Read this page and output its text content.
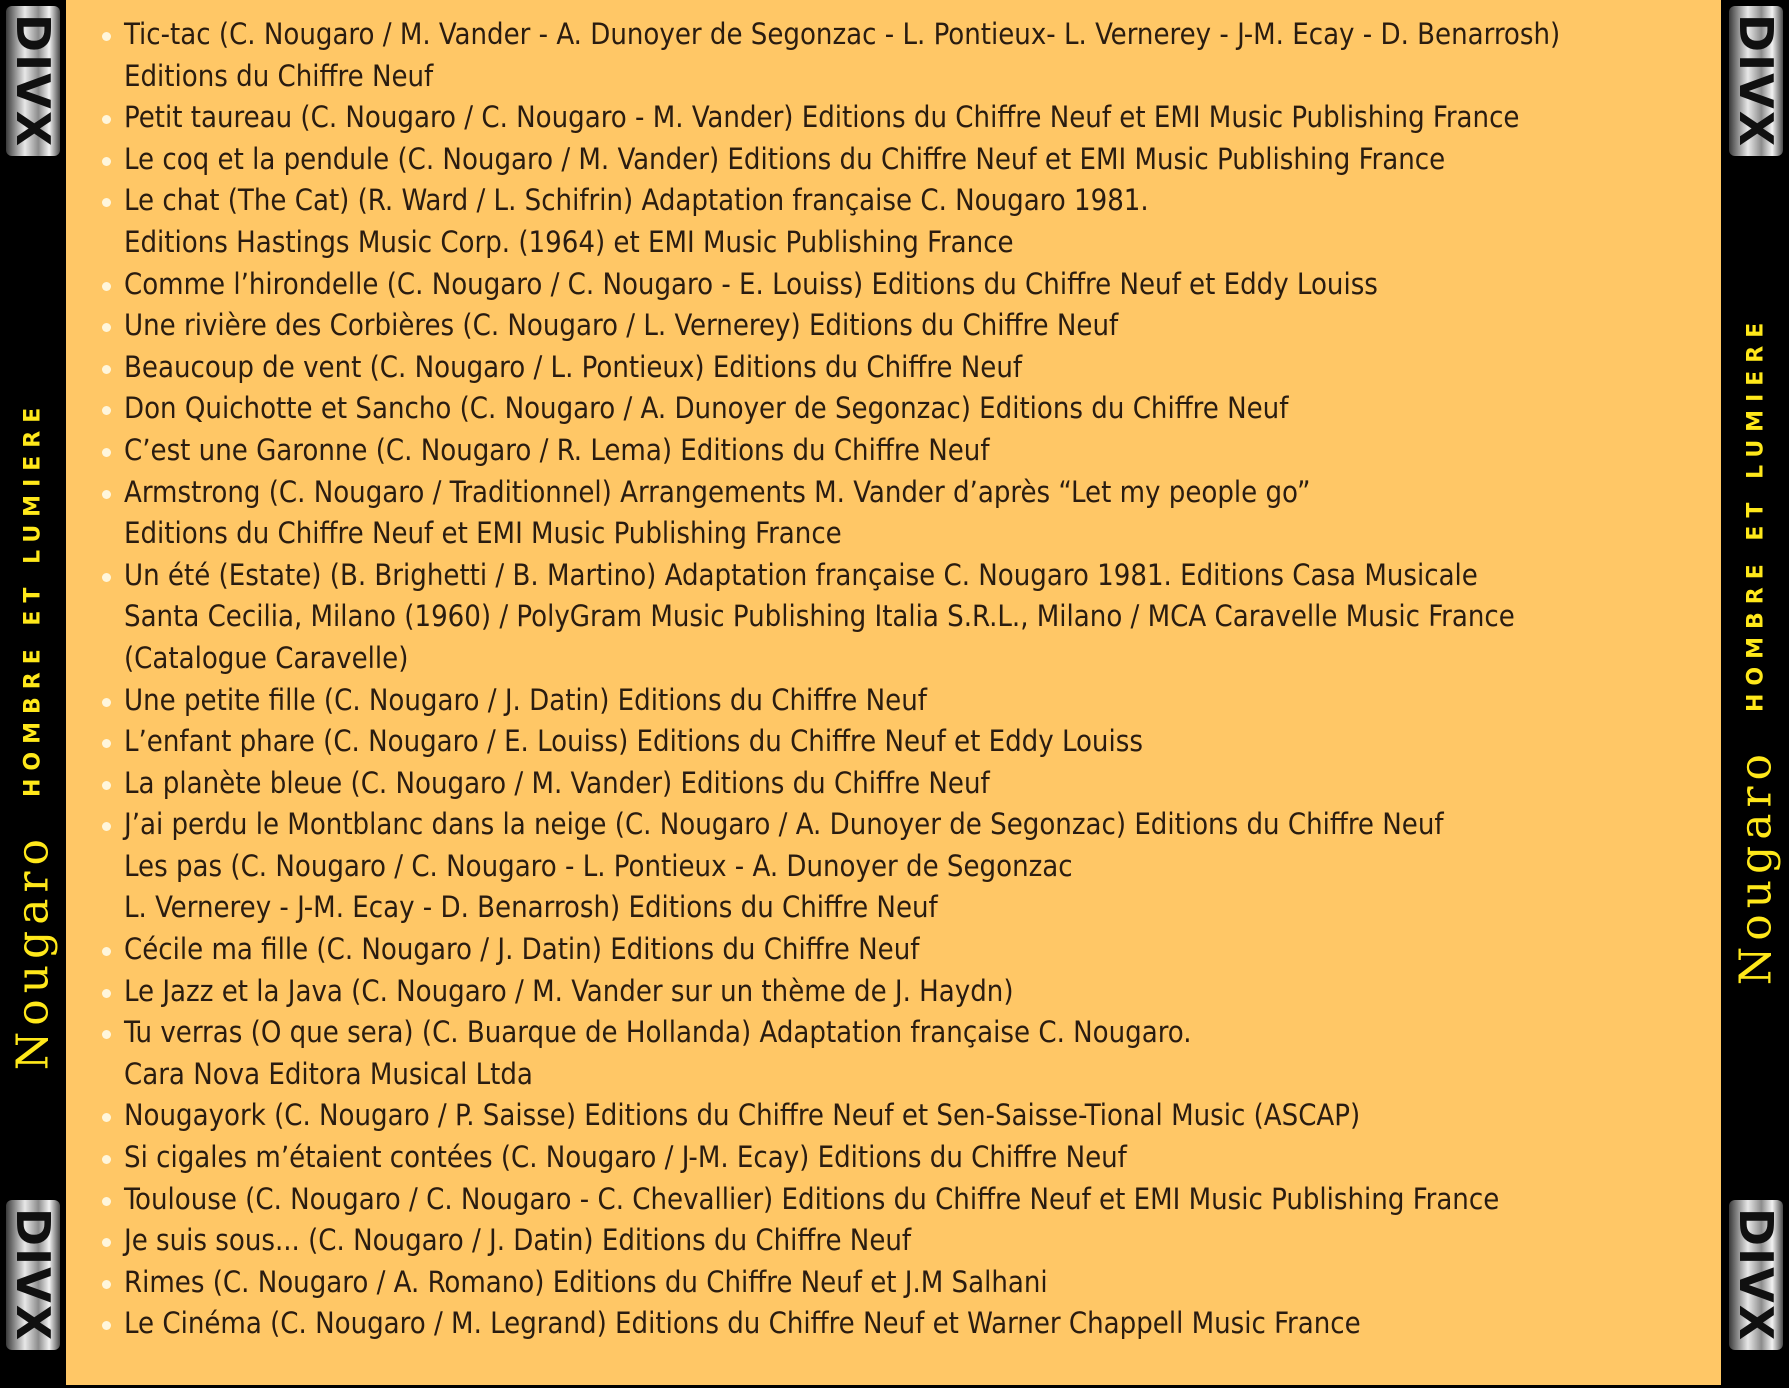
DIVX
Nougaro
HOMBRE ET LUMIERE
DIVX
Tic-tac (C. Nougaro / M. Vander - A. Dunoyer de Segonzac - L. Pontieux- L. Vernerey - J-M. Ecay - D. Benarrosh)
Editions du Chiffre Neuf
Petit taureau (C. Nougaro / C. Nougaro - M. Vander) Editions du Chiffre Neuf et EMI Music Publishing France
Le coq et la pendule (C. Nougaro / M. Vander) Editions du Chiffre Neuf et EMI Music Publishing France
Le chat (The Cat) (R. Ward / L. Schifrin) Adaptation française C. Nougaro 1981.
Editions Hastings Music Corp. (1964) et EMI Music Publishing France
Comme l’hirondelle (C. Nougaro / C. Nougaro - E. Louiss) Editions du Chiffre Neuf et Eddy Louiss
Une rivière des Corbières (C. Nougaro / L. Vernerey) Editions du Chiffre Neuf
Beaucoup de vent (C. Nougaro / L. Pontieux) Editions du Chiffre Neuf
Don Quichotte et Sancho (C. Nougaro / A. Dunoyer de Segonzac) Editions du Chiffre Neuf
C’est une Garonne (C. Nougaro / R. Lema) Editions du Chiffre Neuf
Armstrong (C. Nougaro / Traditionnel) Arrangements M. Vander d’après “Let my people go”
Editions du Chiffre Neuf et EMI Music Publishing France
Un été (Estate) (B. Brighetti / B. Martino) Adaptation française C. Nougaro 1981. Editions Casa Musicale
Santa Cecilia, Milano (1960) / PolyGram Music Publishing Italia S.R.L., Milano / MCA Caravelle Music France
(Catalogue Caravelle)
Une petite fille (C. Nougaro / J. Datin) Editions du Chiffre Neuf
L’enfant phare (C. Nougaro / E. Louiss) Editions du Chiffre Neuf et Eddy Louiss
La planète bleue (C. Nougaro / M. Vander) Editions du Chiffre Neuf
J’ai perdu le Montblanc dans la neige (C. Nougaro / A. Dunoyer de Segonzac) Editions du Chiffre Neuf
Les pas (C. Nougaro / C. Nougaro - L. Pontieux - A. Dunoyer de Segonzac
L. Vernerey - J-M. Ecay - D. Benarrosh) Editions du Chiffre Neuf
Cécile ma fille (C. Nougaro / J. Datin) Editions du Chiffre Neuf
Le Jazz et la Java (C. Nougaro / M. Vander sur un thème de J. Haydn)
Tu verras (O que sera) (C. Buarque de Hollanda) Adaptation française C. Nougaro.
Cara Nova Editora Musical Ltda
Nougayork (C. Nougaro / P. Saisse) Editions du Chiffre Neuf et Sen-Saisse-Tional Music (ASCAP)
Si cigales m’étaient contées (C. Nougaro / J-M. Ecay) Editions du Chiffre Neuf
Toulouse (C. Nougaro / C. Nougaro - C. Chevallier) Editions du Chiffre Neuf et EMI Music Publishing France
Je suis sous... (C. Nougaro / J. Datin) Editions du Chiffre Neuf
Rimes (C. Nougaro / A. Romano) Editions du Chiffre Neuf et J.M Salhani
Le Cinéma (C. Nougaro / M. Legrand) Editions du Chiffre Neuf et Warner Chappell Music France
DIVX
Nougaro
HOMBRE ET LUMIERE
DIVX
